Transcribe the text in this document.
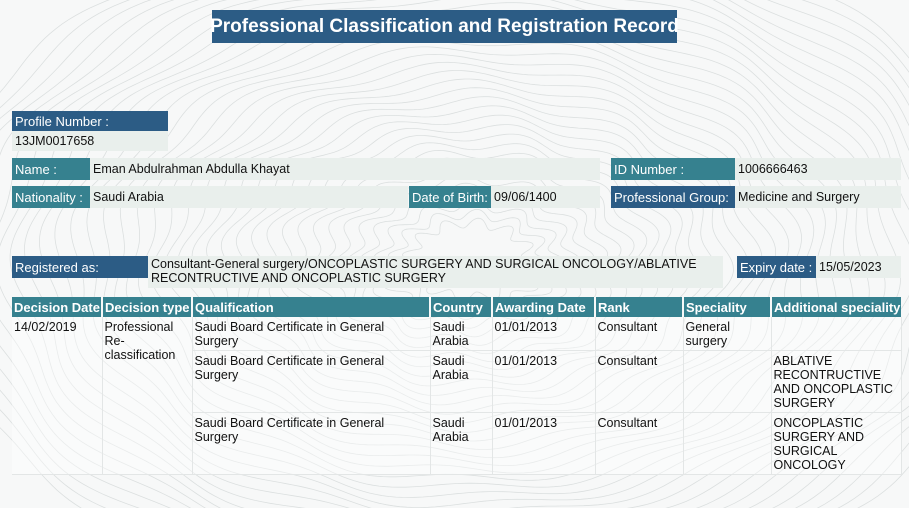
Professional Classification and Registration Record
Profile Number :
13JM0017658
Name :	Eman Abdulrahman Abdulla Khayat	ID Number :	1006666463
Nationality : Saudi Arabia	Date of Birth: 09/06/1400	Professional Group: Medicine and Surgery
Registered as:	Consultant-General surgery/ONCOPLASTIC SURGERY AND SURGICAL ONCOLOGY/ABLATIVE RECONTRUCTIVE AND ONCOPLASTIC SURGERY
Expiry date : 15/05/2023
Decision Date	Decision type	Qualification	Country	Awarding Date	Rank	Speciality	Additional speciality
14/02/2019	Professional Re-classification	Saudi Board Certificate in General Surgery	Saudi Arabia	01/01/2013	Consultant	General surgery	
		Saudi Board Certificate in General Surgery	Saudi Arabia	01/01/2013	Consultant		ABLATIVE RECONTRUCTIVE AND ONCOPLASTIC SURGERY
		Saudi Board Certificate in General Surgery	Saudi Arabia	01/01/2013	Consultant		ONCOPLASTIC SURGERY AND SURGICAL ONCOLOGY
